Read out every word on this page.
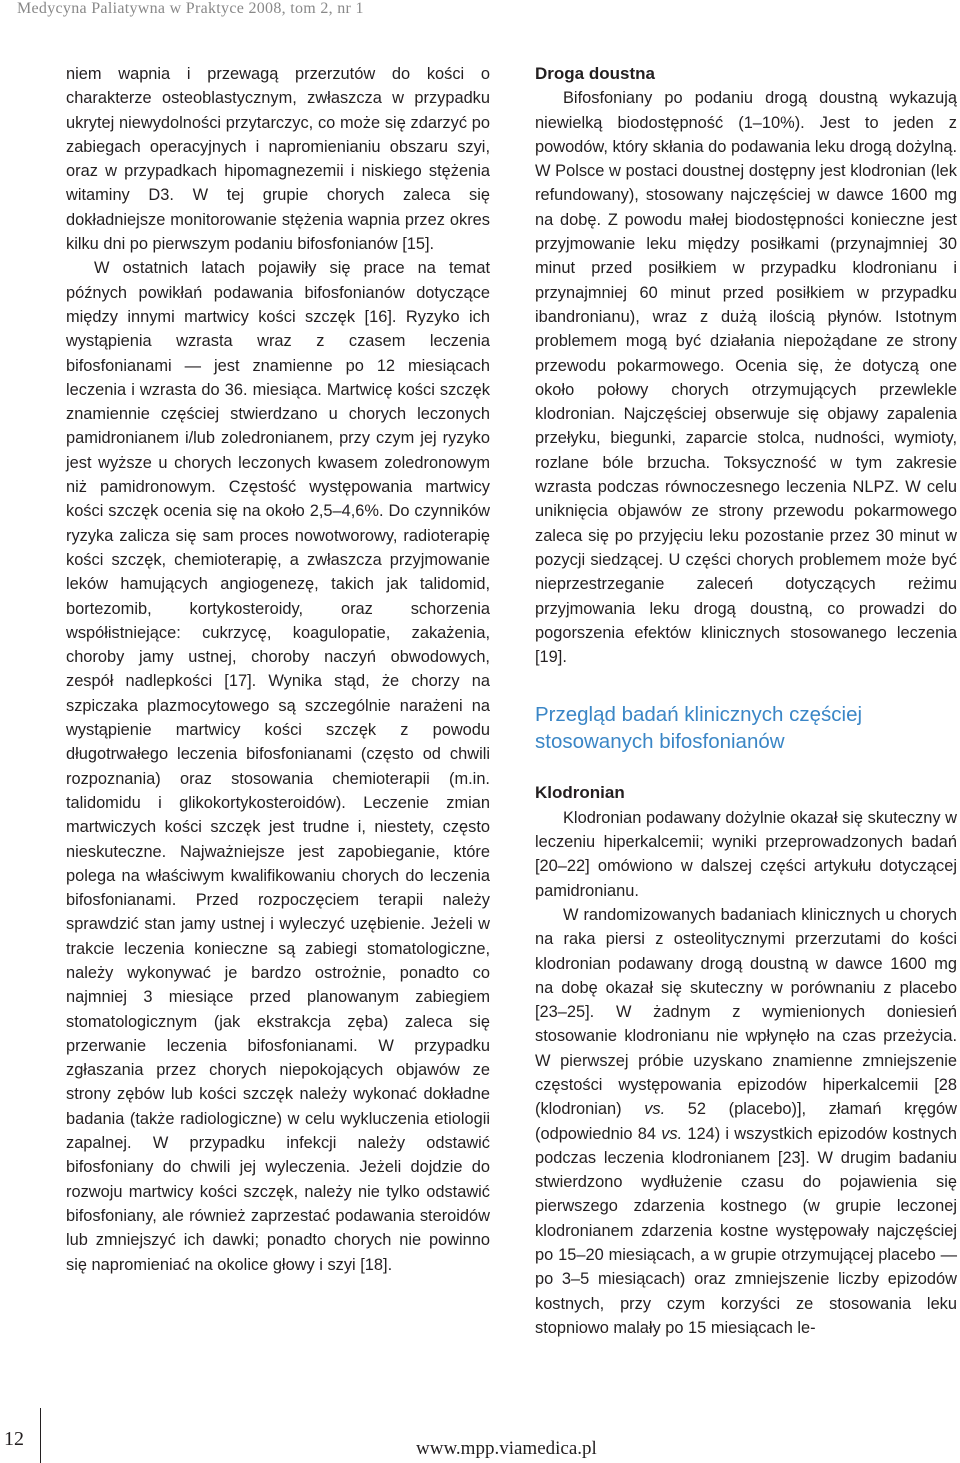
Medycyna Paliatywna w Praktyce 2008, tom 2, nr 1

niem wapnia i przewagą przerzutów do kości o charakterze osteoblastycznym, zwłaszcza w przypadku ukrytej niewydolności przytarczyc, co może się zdarzyć po zabiegach operacyjnych i napromienianiu obszaru szyi, oraz w przypadkach hipomagnezemii i niskiego stężenia witaminy D3. W tej grupie chorych zaleca się dokładniejsze monitorowanie stężenia wapnia przez okres kilku dni po pierwszym podaniu bifosfonianów [15].

W ostatnich latach pojawiły się prace na temat późnych powikłań podawania bifosfonianów dotyczące między innymi martwicy kości szczęk [16]. Ryzyko ich wystąpienia wzrasta wraz z czasem leczenia bifosfonianami — jest znamienne po 12 miesiącach leczenia i wzrasta do 36. miesiąca. Martwicę kości szczęk znamiennie częściej stwierdzano u chorych leczonych pamidronianem i/lub zoledronianem, przy czym jej ryzyko jest wyższe u chorych leczonych kwasem zoledronowym niż pamidronowym. Częstość występowania martwicy kości szczęk ocenia się na około 2,5–4,6%. Do czynników ryzyka zalicza się sam proces nowotworowy, radioterapię kości szczęk, chemioterapię, a zwłaszcza przyjmowanie leków hamujących angiogenezę, takich jak talidomid, bortezomib, kortykosteroidy, oraz schorzenia współistniejące: cukrzycę, koagulopatie, zakażenia, choroby jamy ustnej, choroby naczyń obwodowych, zespół nadlepkości [17]. Wynika stąd, że chorzy na szpiczaka plazmocytowego są szczególnie narażeni na wystąpienie martwicy kości szczęk z powodu długotrwałego leczenia bifosfonianami (często od chwili rozpoznania) oraz stosowania chemioterapii (m.in. talidomidu i glikokortykosteroidów). Leczenie zmian martwiczych kości szczęk jest trudne i, niestety, często nieskuteczne. Najważniejsze jest zapobieganie, które polega na właściwym kwalifikowaniu chorych do leczenia bifosfonianami. Przed rozpoczęciem terapii należy sprawdzić stan jamy ustnej i wyleczyć uzębienie. Jeżeli w trakcie leczenia konieczne są zabiegi stomatologiczne, należy wykonywać je bardzo ostrożnie, ponadto co najmniej 3 miesiące przed planowanym zabiegiem stomatologicznym (jak ekstrakcja zęba) zaleca się przerwanie leczenia bifosfonianami. W przypadku zgłaszania przez chorych niepokojących objawów ze strony zębów lub kości szczęk należy wykonać dokładne badania (także radiologiczne) w celu wykluczenia etiologii zapalnej. W przypadku infekcji należy odstawić bifosfoniany do chwili jej wyleczenia. Jeżeli dojdzie do rozwoju martwicy kości szczęk, należy nie tylko odstawić bifosfoniany, ale również zaprzestać podawania steroidów lub zmniejszyć ich dawki; ponadto chorych nie powinno się napromieniać na okolice głowy i szyi [18].

Droga doustna

Bifosfoniany po podaniu drogą doustną wykazują niewielką biodostępność (1–10%). Jest to jeden z powodów, który skłania do podawania leku drogą dożylną. W Polsce w postaci doustnej dostępny jest klodronian (lek refundowany), stosowany najczęściej w dawce 1600 mg na dobę. Z powodu małej biodostępności konieczne jest przyjmowanie leku między posiłkami (przynajmniej 30 minut przed posiłkiem w przypadku klodronianu i przynajmniej 60 minut przed posiłkiem w przypadku ibandronianu), wraz z dużą ilością płynów. Istotnym problemem mogą być działania niepożądane ze strony przewodu pokarmowego. Ocenia się, że dotyczą one około połowy chorych otrzymujących przewlekle klodronian. Najczęściej obserwuje się objawy zapalenia przełyku, biegunki, zaparcie stolca, nudności, wymioty, rozlane bóle brzucha. Toksyczność w tym zakresie wzrasta podczas równoczesnego leczenia NLPZ. W celu uniknięcia objawów ze strony przewodu pokarmowego zaleca się po przyjęciu leku pozostanie przez 30 minut w pozycji siedzącej. U części chorych problemem może być nieprzestrzeganie zaleceń dotyczących reżimu przyjmowania leku drogą doustną, co prowadzi do pogorszenia efektów klinicznych stosowanego leczenia [19].

Przegląd badań klinicznych częściej
stosowanych bifosfonianów
Klodronian

Klodronian podawany dożylnie okazał się skuteczny w leczeniu hiperkalcemii; wyniki przeprowadzonych badań [20–22] omówiono w dalszej części artykułu dotyczącej pamidronianu.

W randomizowanych badaniach klinicznych u chorych na raka piersi z osteolitycznymi przerzutami do kości klodronian podawany drogą doustną w dawce 1600 mg na dobę okazał się skuteczny w porównaniu z placebo [23–25]. W żadnym z wymienionych doniesień stosowanie klodronianu nie wpłynęło na czas przeżycia. W pierwszej próbie uzyskano znamienne zmniejszenie częstości występowania epizodów hiperkalcemii [28 (klodronian) vs. 52 (placebo)], złamań kręgów (odpowiednio 84 vs. 124) i wszystkich epizodów kostnych podczas leczenia klodronianem [23]. W drugim badaniu stwierdzono wydłużenie czasu do pojawienia się pierwszego zdarzenia kostnego (w grupie leczonej klodronianem zdarzenia kostne występowały najczęściej po 15–20 miesiącach, a w grupie otrzymującej placebo — po 3–5 miesiącach) oraz zmniejszenie liczby epizodów kostnych, przy czym korzyści ze stosowania leku stopniowo malały po 15 miesiącach le-

12	www.mpp.viamedica.pl
